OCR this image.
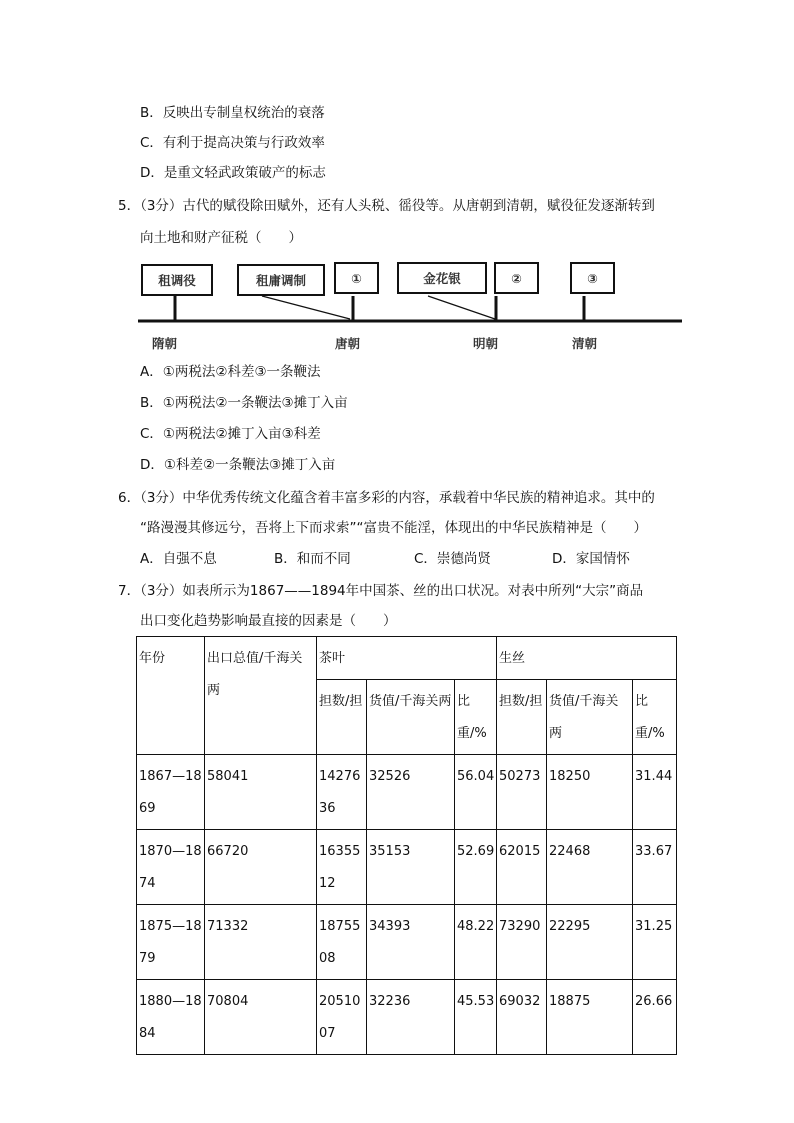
B．反映出专制皇权统治的衰落
C．有利于提高决策与行政效率
D．是重文轻武政策破产的标志
5．（3分）古代的赋役除田赋外，还有人头税、徭役等。从唐朝到清朝，赋役征发逐渐转到
向土地和财产征税（　　）
租调役	租庸调制	①	金花银	②	③
隋朝	唐朝	明朝	清朝
A．①两税法②科差③一条鞭法
B．①两税法②一条鞭法③摊丁入亩
C．①两税法②摊丁入亩③科差
D．①科差②一条鞭法③摊丁入亩
6．（3分）中华优秀传统文化蕴含着丰富多彩的内容，承载着中华民族的精神追求。其中的
“路漫漫其修远兮，吾将上下而求索”“富贵不能淫，体现出的中华民族精神是（　　）
A．自强不息	B．和而不同	C．崇德尚贤	D．家国情怀
7．（3分）如表所示为1867——1894年中国茶、丝的出口状况。对表中所列“大宗”商品
出口变化趋势影响最直接的因素是（　　）
年份	出口总值/千海关两	茶叶			生丝		
		担数/担	货值/千海关两	比重/%	担数/担	货值/千海关两	比重/%
1867—1869	58041	1427636	32526	56.04	50273	18250	31.44
1870—1874	66720	1635512	35153	52.69	62015	22468	33.67
1875—1879	71332	1875508	34393	48.22	73290	22295	31.25
1880—1884	70804	2051007	32236	45.53	69032	18875	26.66
